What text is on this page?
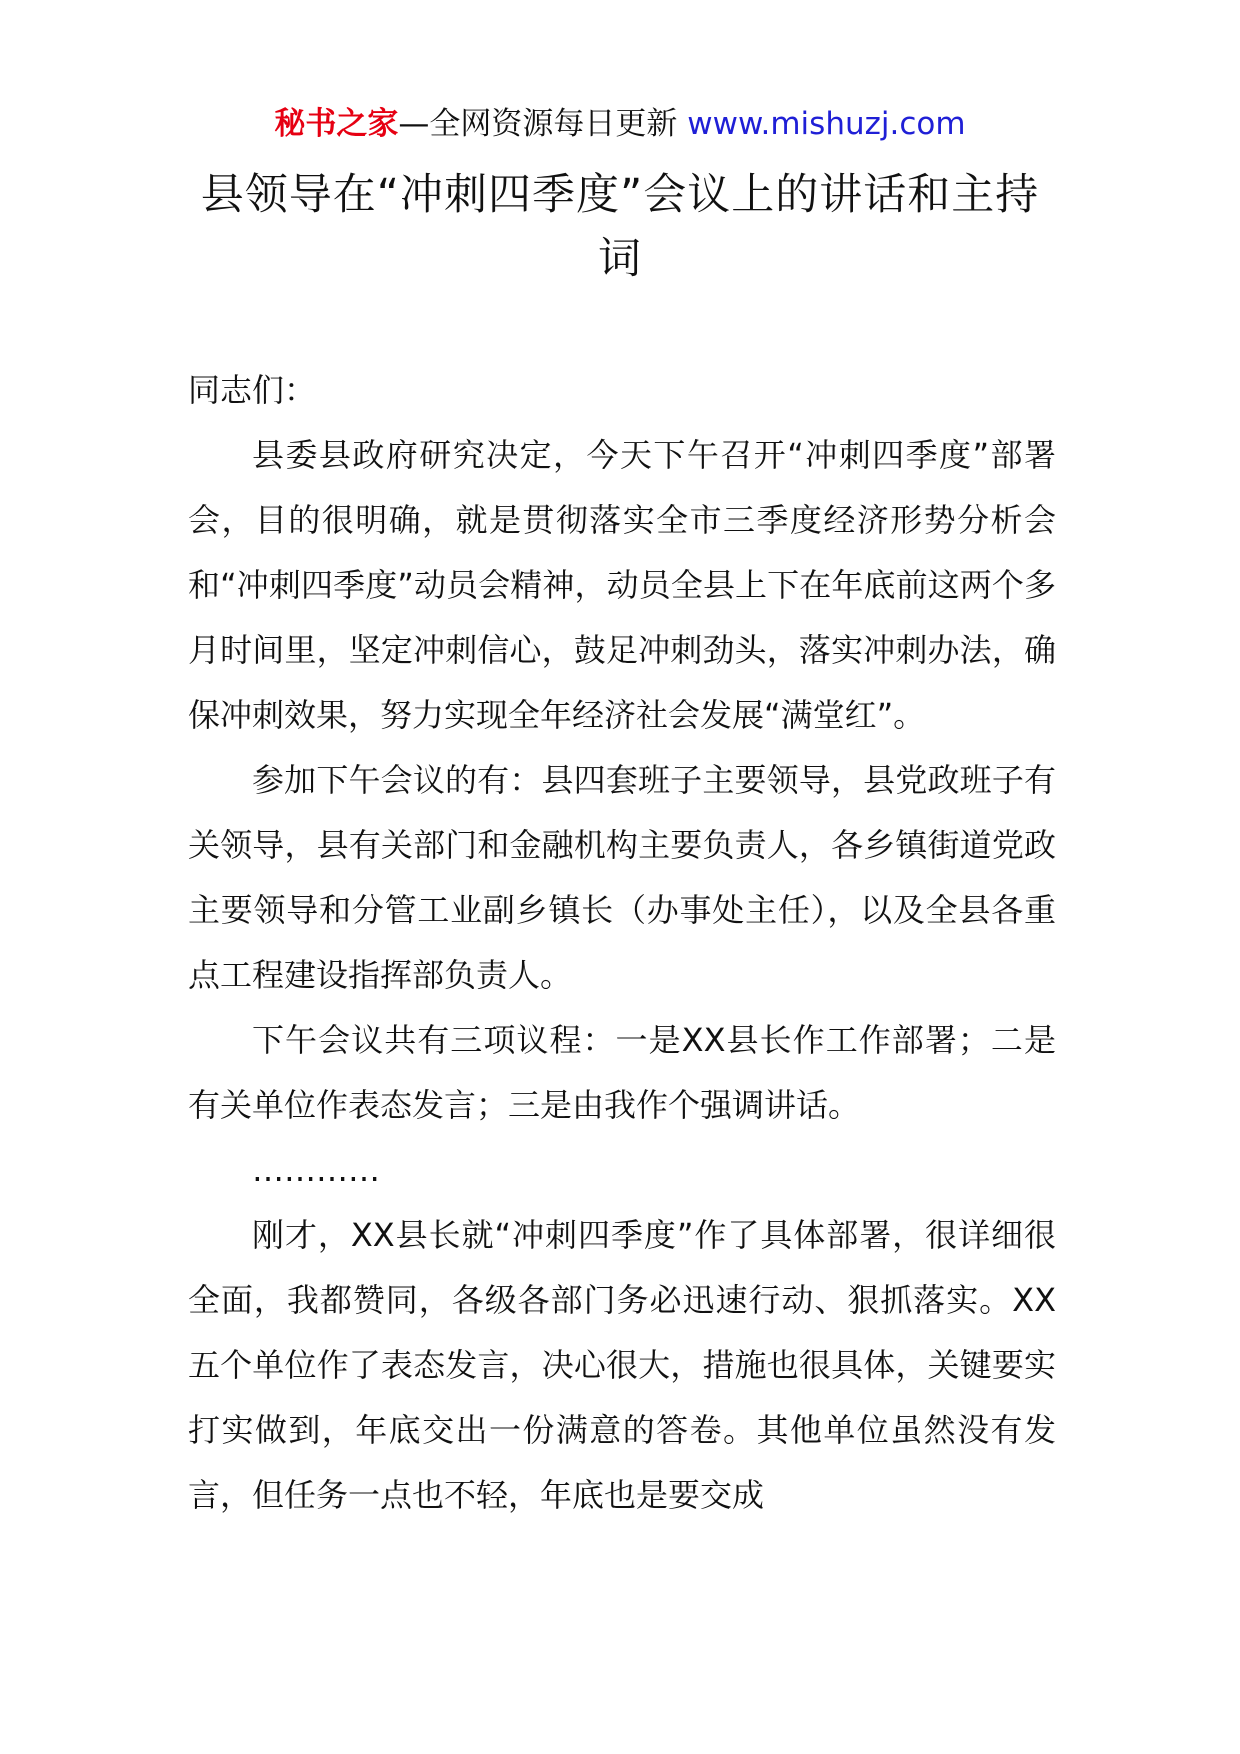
秘书之家—全网资源每日更新 www.mishuzj.com
县领导在“冲刺四季度”会议上的讲话和主持词

同志们：

县委县政府研究决定，今天下午召开“冲刺四季度”部署会，目的很明确，就是贯彻落实全市三季度经济形势分析会和“冲刺四季度”动员会精神，动员全县上下在年底前这两个多月时间里，坚定冲刺信心，鼓足冲刺劲头，落实冲刺办法，确保冲刺效果，努力实现全年经济社会发展“满堂红”。

参加下午会议的有：县四套班子主要领导，县党政班子有关领导，县有关部门和金融机构主要负责人，各乡镇街道党政主要领导和分管工业副乡镇长（办事处主任），以及全县各重点工程建设指挥部负责人。

下午会议共有三项议程：一是XX县长作工作部署；二是有关单位作表态发言；三是由我作个强调讲话。

…………

刚才，XX县长就“冲刺四季度”作了具体部署，很详细很全面，我都赞同，各级各部门务必迅速行动、狠抓落实。XX五个单位作了表态发言，决心很大，措施也很具体，关键要实打实做到，年底交出一份满意的答卷。其他单位虽然没有发言，但任务一点也不轻，年底也是要交成
